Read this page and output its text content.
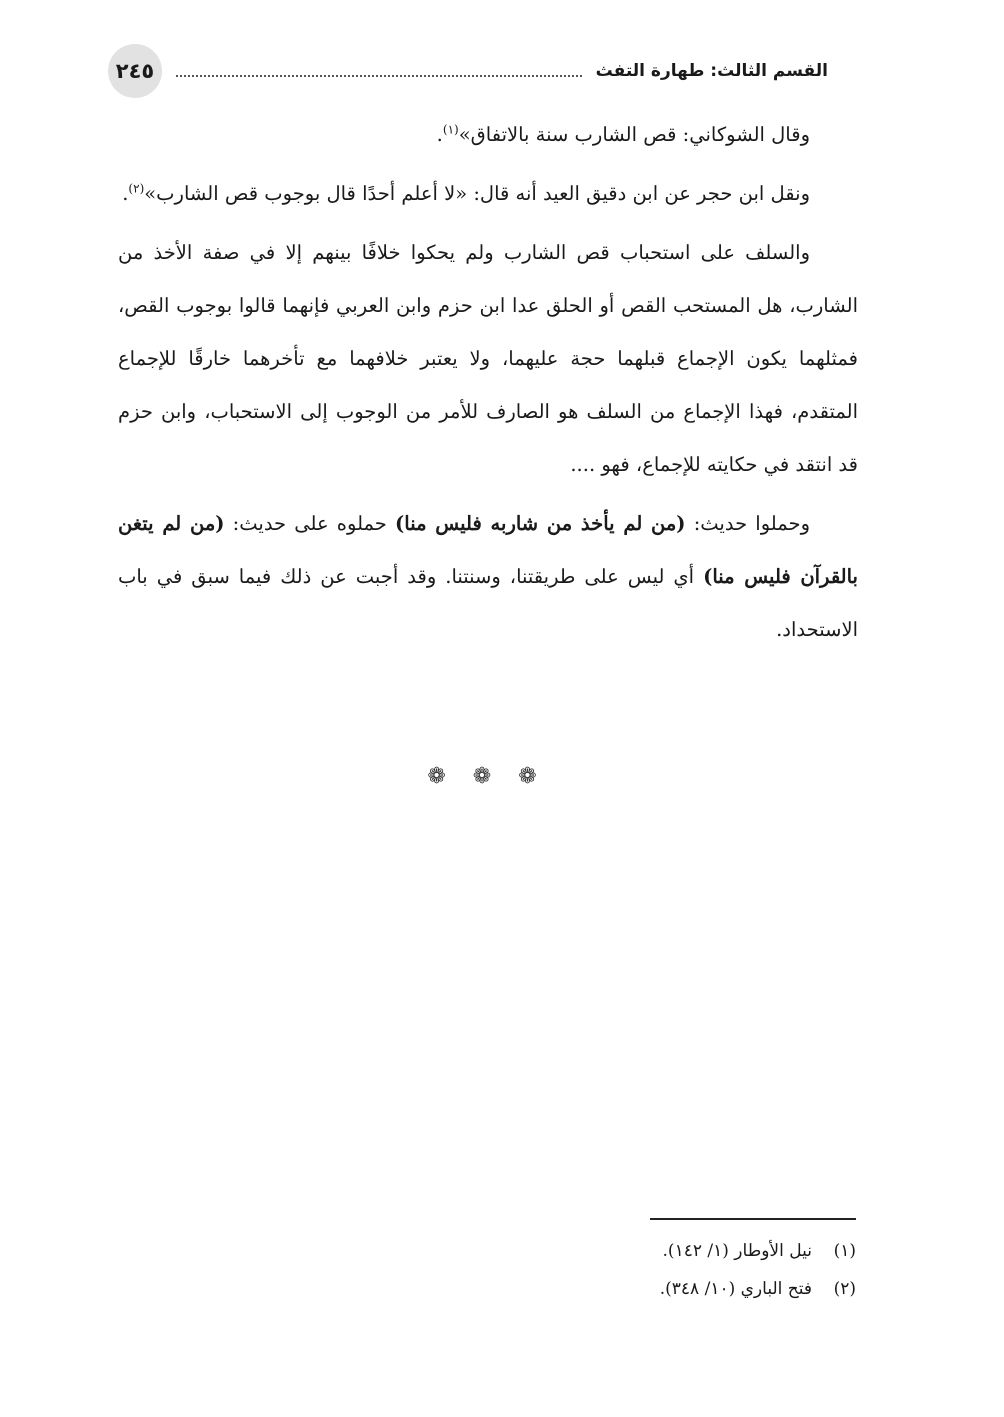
٢٤٥	القسم الثالث: طهارة التفث

وقال الشوكاني: قص الشارب سنة بالاتفاق»$^{(١)}$.

ونقل ابن حجر عن ابن دقيق العيد أنه قال: «لا أعلم أحدًا قال بوجوب قص الشارب»$^{(٢)}$.

والسلف على استحباب قص الشارب ولم يحكوا خلافًا بينهم إلا في صفة الأخذ من الشارب، هل المستحب القص أو الحلق عدا ابن حزم وابن العربي فإنهما قالوا بوجوب القص، فمثلهما يكون الإجماع قبلهما حجة عليهما، ولا يعتبر خلافهما مع تأخرهما خارقًا للإجماع المتقدم، فهذا الإجماع من السلف هو الصارف للأمر من الوجوب إلى الاستحباب، وابن حزم قد انتقد في حكايته للإجماع، فهو ....

وحملوا حديث: (من لم يأخذ من شاربه فليس منا) حملوه على حديث: (من لم يتغن بالقرآن فليس منا) أي ليس على طريقتنا، وسنتنا. وقد أجبت عن ذلك فيما سبق في باب الاستحداد.

❁ ❁ ❁
(١)
نيل الأوطار (١/ ١٤٢).
(٢)
فتح الباري (١٠/ ٣٤٨).
